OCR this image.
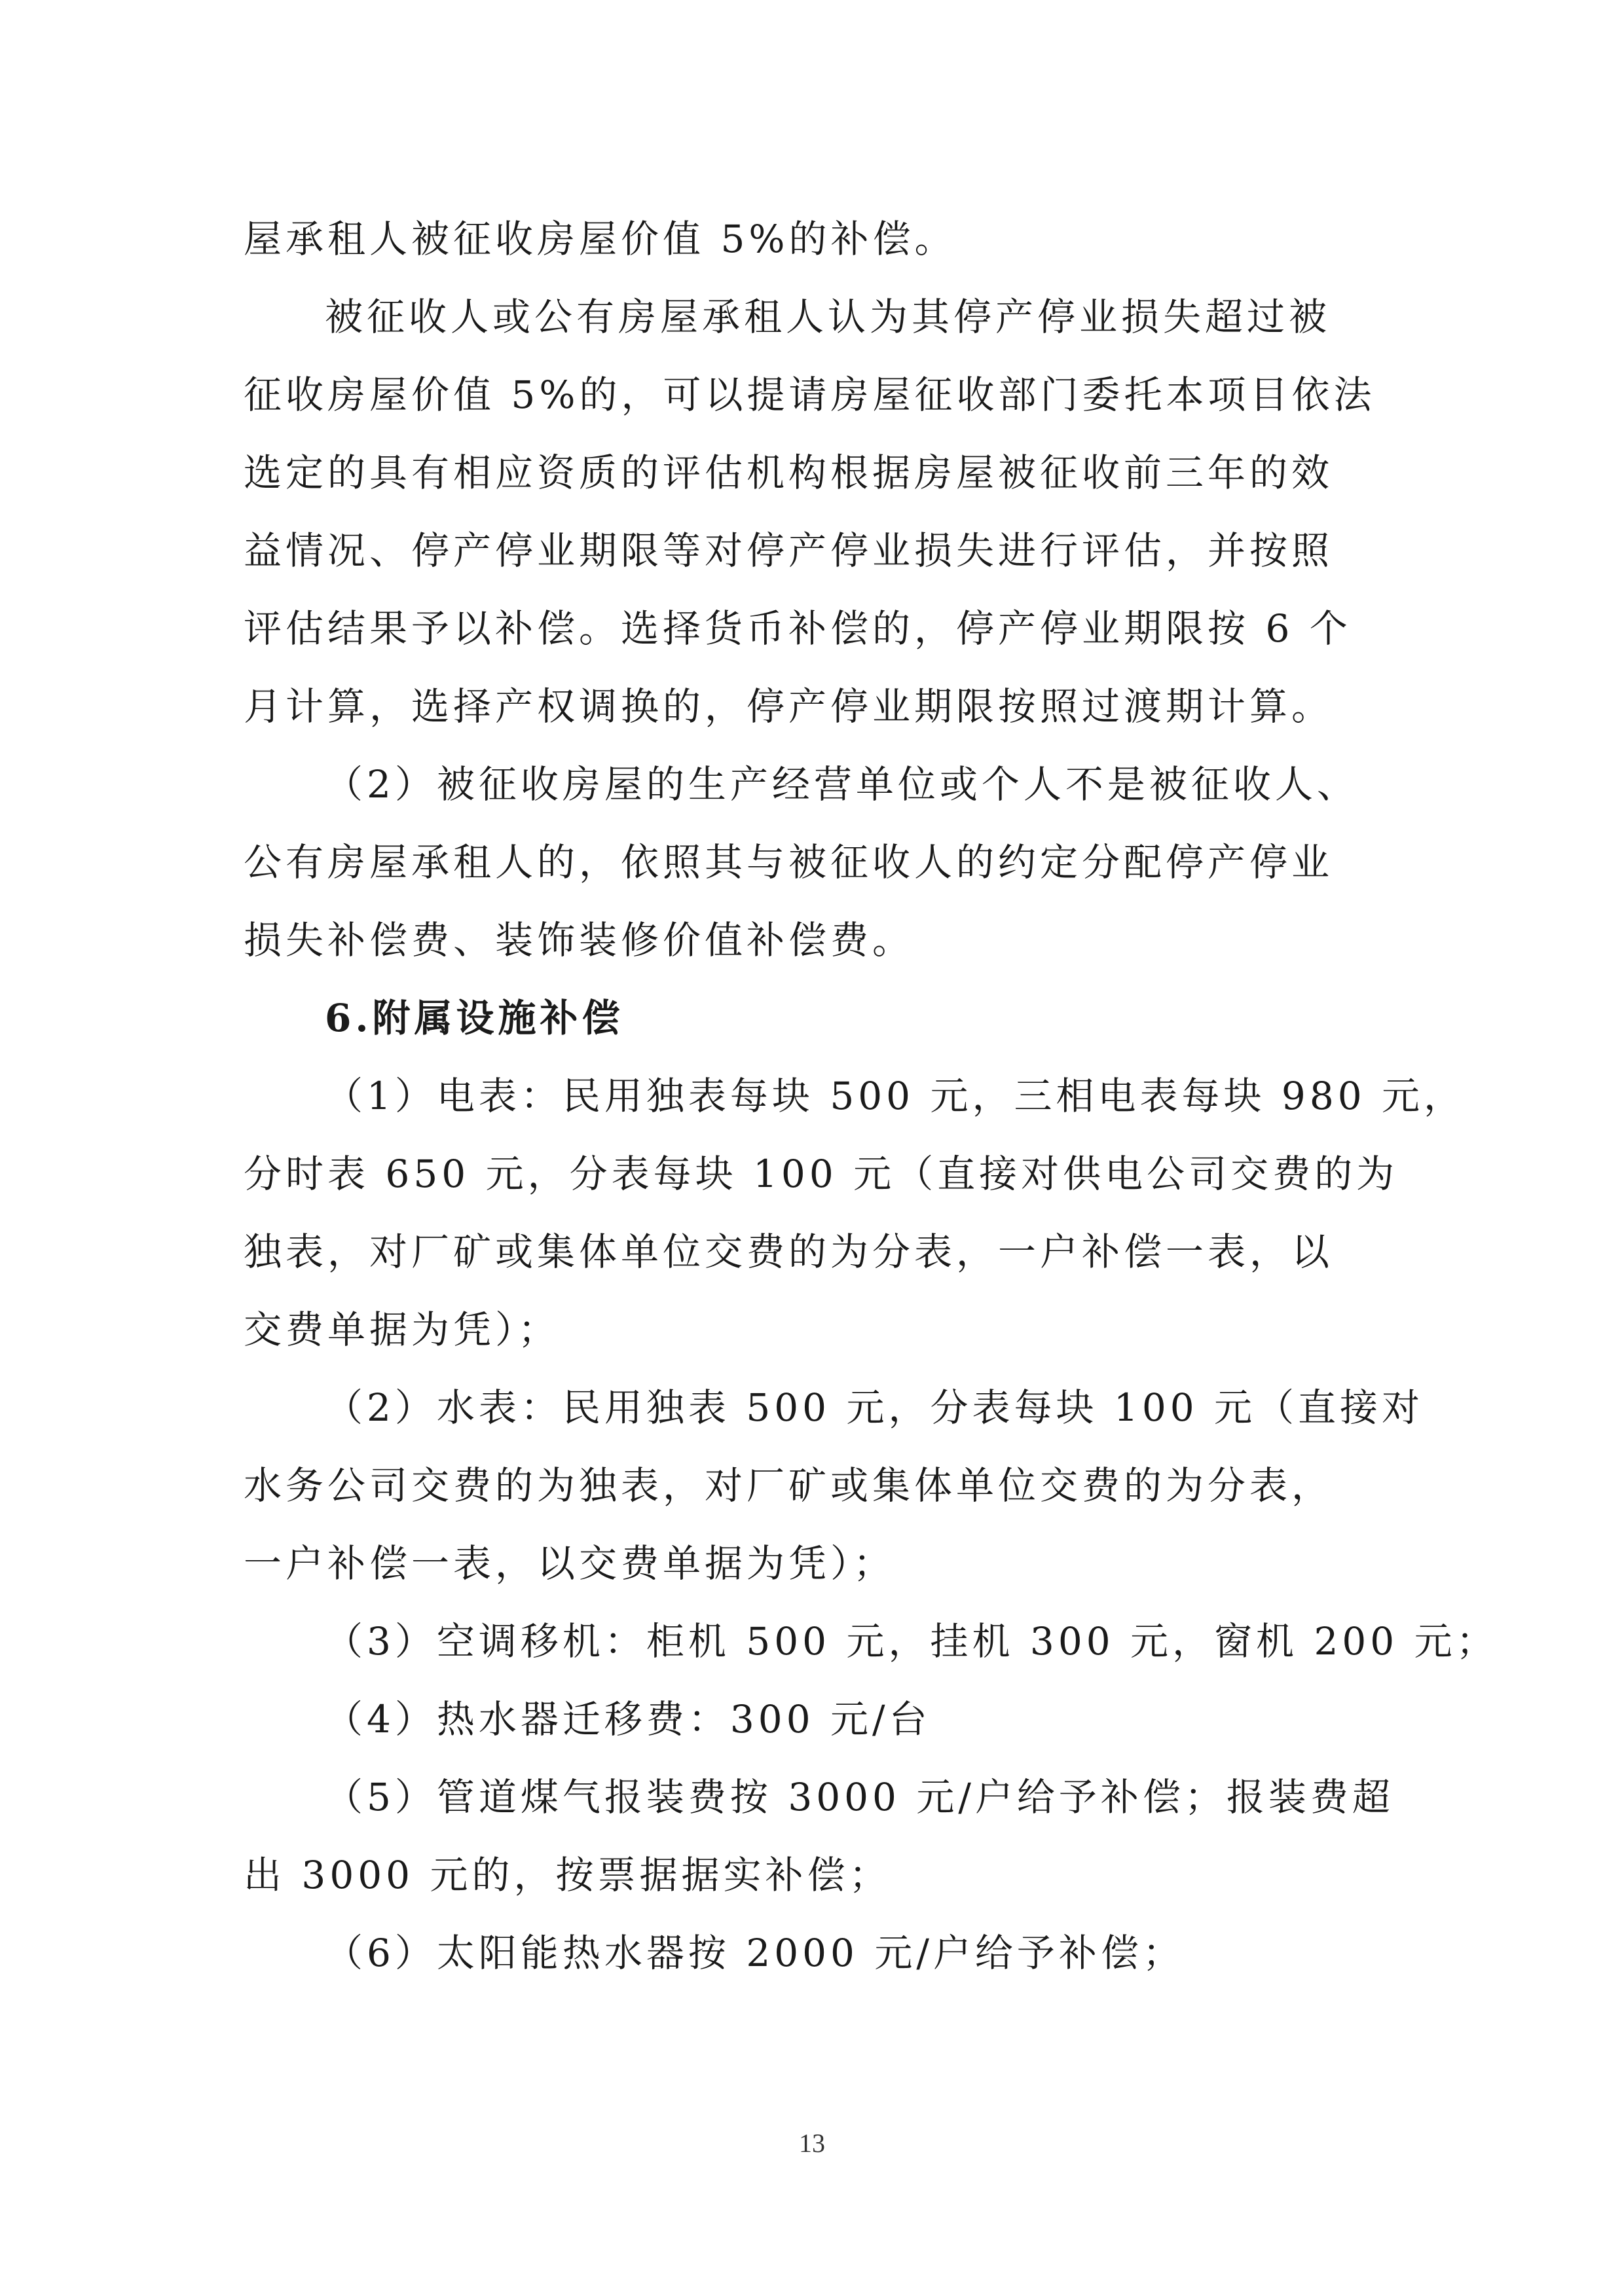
屋承租人被征收房屋价值 5%的补偿。
被征收人或公有房屋承租人认为其停产停业损失超过被
征收房屋价值 5%的，可以提请房屋征收部门委托本项目依法
选定的具有相应资质的评估机构根据房屋被征收前三年的效
益情况、停产停业期限等对停产停业损失进行评估，并按照
评估结果予以补偿。选择货币补偿的，停产停业期限按 6 个
月计算，选择产权调换的，停产停业期限按照过渡期计算。
（2）被征收房屋的生产经营单位或个人不是被征收人、
公有房屋承租人的，依照其与被征收人的约定分配停产停业
损失补偿费、装饰装修价值补偿费。
6.附属设施补偿
（1）电表：民用独表每块 500 元，三相电表每块 980 元，
分时表 650 元，分表每块 100 元（直接对供电公司交费的为
独表，对厂矿或集体单位交费的为分表，一户补偿一表，以
交费单据为凭）；
（2）水表：民用独表 500 元，分表每块 100 元（直接对
水务公司交费的为独表，对厂矿或集体单位交费的为分表，
一户补偿一表，以交费单据为凭）；
（3）空调移机：柜机 500 元，挂机 300 元，窗机 200 元；
（4）热水器迁移费：300 元/台
（5）管道煤气报装费按 3000 元/户给予补偿；报装费超
出 3000 元的，按票据据实补偿；
（6）太阳能热水器按 2000 元/户给予补偿；
13
